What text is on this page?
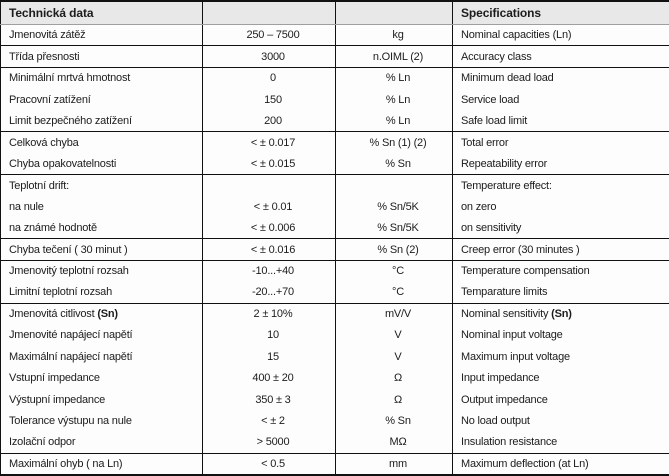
Technická data			Specifications
Jmenovitá zátěž	250 – 7500	kg	Nominal capacities (Ln)
Třída přesnosti	3000	n.OIML (2)	Accuracy class
Minimální mrtvá hmotnost	0	% Ln	Minimum dead load
Pracovní zatížení	150	% Ln	Service load
Limit bezpečného zatížení	200	% Ln	Safe load limit
Celková chyba	< ± 0.017	% Sn (1) (2)	Total error
Chyba opakovatelnosti	< ± 0.015	% Sn	Repeatability error
Teplotní drift:			Temperature effect:
na nule	< ± 0.01	% Sn/5K	on zero
na známé hodnotě	< ± 0.006	% Sn/5K	on sensitivity
Chyba tečení ( 30 minut )	< ± 0.016	% Sn (2)	Creep error (30 minutes )
Jmenovitý teplotní rozsah	-10...+40	°C	Temperature compensation
Limitní teplotní rozsah	-20...+70	°C	Temparature limits
Jmenovitá citlivost (Sn)	2 ± 10%	mV/V	Nominal sensitivity (Sn)
Jmenovité napájecí napětí	10	V	Nominal input voltage
Maximální napájecí napětí	15	V	Maximum input voltage
Vstupní impedance	400 ± 20	Ω	Input impedance
Výstupní impedance	350 ± 3	Ω	Output impedance
Tolerance výstupu na nule	< ± 2	% Sn	No load output
Izolační odpor	> 5000	MΩ	Insulation resistance
Maximální ohyb ( na Ln)	< 0.5	mm	Maximum deflection (at Ln)
